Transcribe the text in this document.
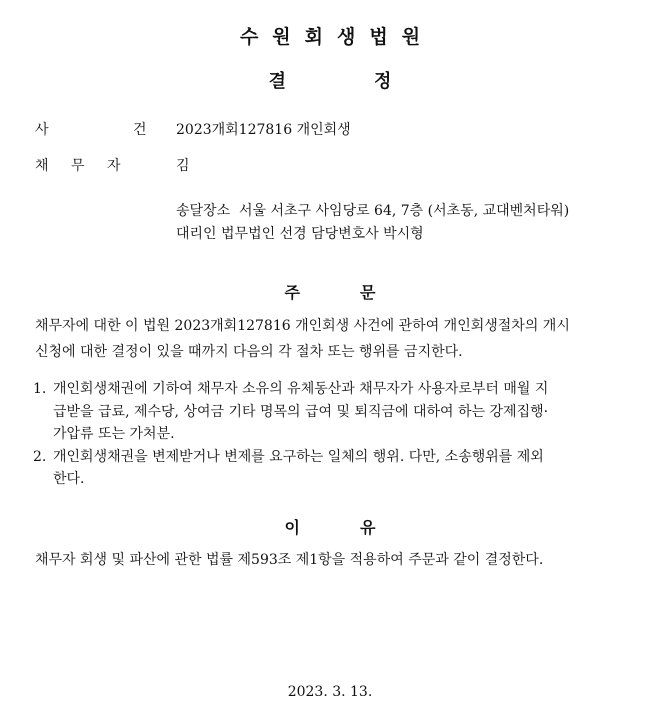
수원회생법원
결정
사 건
2023개회127816 개인회생
채 무 자	김
송달장소  서울 서초구 사임당로 64, 7층 (서초동, 교대벤처타워)
대리인 법무법인 선경 담당변호사 박시형
주문
채무자에 대한 이 법원 2023개회127816 개인회생 사건에 관하여 개인회생절차의 개시
신청에 대한 결정이 있을 때까지 다음의 각 절차 또는 행위를 금지한다.
1. 개인회생채권에 기하여 채무자 소유의 유체동산과 채무자가 사용자로부터 매월 지
급받을 급료, 제수당, 상여금 기타 명목의 급여 및 퇴직금에 대하여 하는 강제집행·
가압류 또는 가처분.
2. 개인회생채권을 변제받거나 변제를 요구하는 일체의 행위. 다만, 소송행위를 제외
한다.
이유
채무자 회생 및 파산에 관한 법률 제593조 제1항을 적용하여 주문과 같이 결정한다.
2023. 3. 13.
